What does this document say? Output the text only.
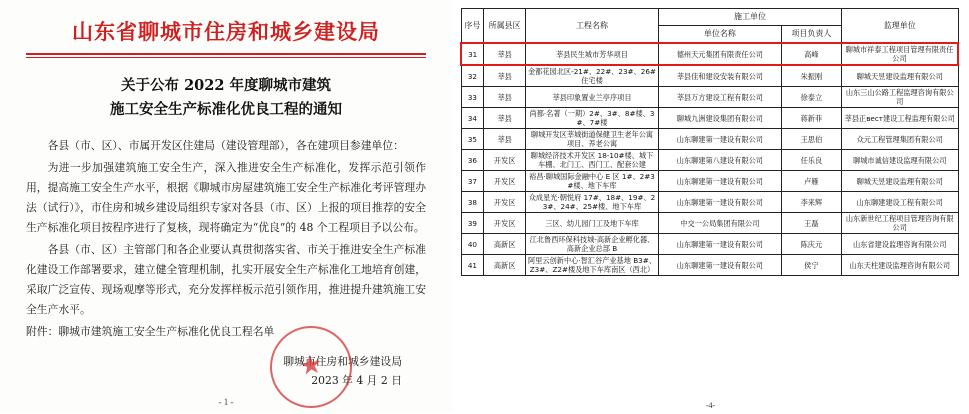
山东省聊城市住房和城乡建设局
关于公布 2022 年度聊城市建筑
施工安全生产标准化优良工程的通知

各县（市、区）、市属开发区住建局（建设管理部），各在建项目参建单位：

为进一步加强建筑施工安全生产，深入推进安全生产标准化，发挥示范引领作用，提高施工安全生产水平，根据《聊城市房屋建筑施工安全生产标准化考评管理办法（试行）》，市住房和城乡建设局组织专家对各县（市、区）上报的项目推荐的安全生产标准化项目按程序进行了复核，现将确定为“优良”的 48 个工程项目予以公布。

各县（市、区）主管部门和各企业要认真贯彻落实省、市关于推进安全生产标准化建设工作部署要求，建立健全管理机制，扎实开展安全生产标准化工地培育创建，采取广泛宣传、现场观摩等形式，充分发挥样板示范引领作用，推进提升建筑施工安全生产水平。

附件：聊城市建筑施工安全生产标准化优良工程名单

聊城市住房和城乡建设局
2023 年 4 月 2 日
★
- 1 -
序号	所属县区	工程名称	施工单位		监理单位
			单位名称	项目负责人	
31	莘县	莘县民生城市芳华项目	德州天元集团有限责任公司	高峰	聊城市祥泰工程项目管理有限责任公司
32	莘县	金都花园北区-21#、22#、23#、26#住宅楼	莘县佳和建设安装有限公司	朱振刚	聊城天昱建设监理有限公司
33	莘县	莘县印象置业兰亭序项目	莘县万方建设工程有限公司	徐泰立	山东三山公路工程监理咨询有限公司
34	莘县	尚都·名著（一期）2#、3#、8#楼、3#、7#楼	聊城九洲建设集团有限公司	蒋新菲	莘县正вест建设工程监理有限公司
35	莘县	聊城开发区莘城街道保健卫生老年公寓项目、养老公寓	山东聊建第一建设有限公司	王思伯	众元工程管理集团有限公司
36	开发区	聊城经济技术开发区 18-10#楼、城下车棚、北门工、西门工、配套公建	山东聊建第八建设有限公司	任乐良	聊城市诚信建设监理有限公司
37	开发区	裕昌·聊城国际金融中心 E 区 1#、2#3#楼、地下车库	山东聊建第一建设有限公司	卢雁	聊城天昱建设监理有限公司
38	开发区	众成星光·朝悦府 17#、18#、19#、23#、24#、25#楼、地下车库	山东聊建第一建设有限公司	李来辉	山东聊建建设工程有限公司
39	开发区	三区、幼儿园门工及地下车库	中交一公局集团有限公司	王磊	山东新世纪工程项目管理咨询有限公司
40	高新区	江北鲁西环保科技城-高新企业孵化器、高新企业总部 B	山东聊建第一建设有限公司	陈庆元	山东省建设监理咨询有限公司
41	高新区	阿里云创新中心·智汇谷产业基地 B3#、Z3#、Z2#楼及地下车库南区（西北）	山东聊建第一建设有限公司	侯宁	山东天柱建设监理咨询有限公司
-4-
